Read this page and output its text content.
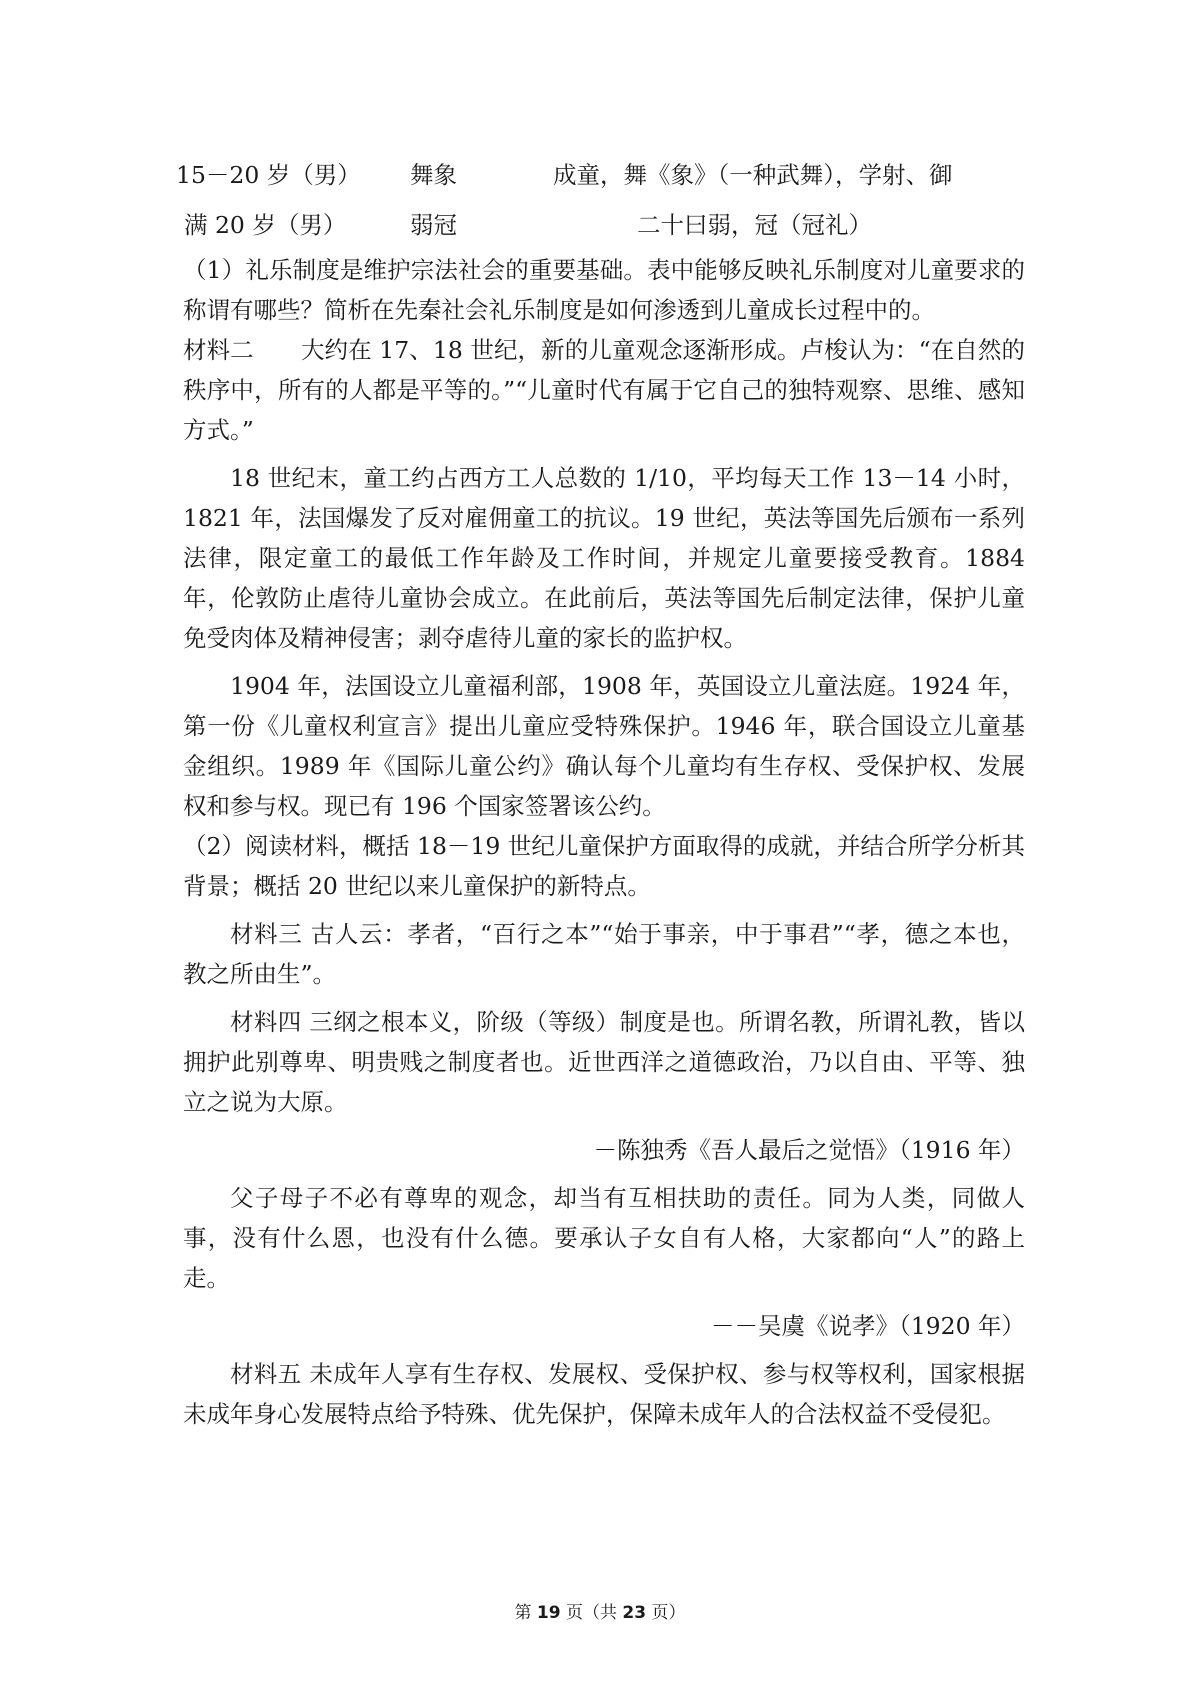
15－20 岁（男） 舞象	成童，舞《象》（一种武舞），学射、御
满 20 岁（男）	弱冠	二十曰弱，冠（冠礼）

（1）礼乐制度是维护宗法社会的重要基础。表中能够反映礼乐制度对儿童要求的称谓有哪些？简析在先秦社会礼乐制度是如何渗透到儿童成长过程中的。

材料二　　大约在 17、18 世纪，新的儿童观念逐渐形成。卢梭认为：“在自然的秩序中，所有的人都是平等的。”“儿童时代有属于它自己的独特观察、思维、感知方式。”

18 世纪末，童工约占西方工人总数的 1/10，平均每天工作 13－14 小时，1821 年，法国爆发了反对雇佣童工的抗议。19 世纪，英法等国先后颁布一系列法律，限定童工的最低工作年龄及工作时间，并规定儿童要接受教育。1884 年，伦敦防止虐待儿童协会成立。在此前后，英法等国先后制定法律，保护儿童免受肉体及精神侵害；剥夺虐待儿童的家长的监护权。

1904 年，法国设立儿童福利部，1908 年，英国设立儿童法庭。1924 年，第一份《儿童权利宣言》提出儿童应受特殊保护。1946 年，联合国设立儿童基金组织。1989 年《国际儿童公约》确认每个儿童均有生存权、受保护权、发展权和参与权。现已有 196 个国家签署该公约。

（2）阅读材料，概括 18－19 世纪儿童保护方面取得的成就，并结合所学分析其背景；概括 20 世纪以来儿童保护的新特点。

材料三 古人云：孝者，“百行之本”“始于事亲，中于事君”“孝，德之本也，教之所由生”。

材料四 三纲之根本义，阶级（等级）制度是也。所谓名教，所谓礼教，皆以拥护此别尊卑、明贵贱之制度者也。近世西洋之道德政治，乃以自由、平等、独立之说为大原。

－陈独秀《吾人最后之觉悟》（1916 年）

父子母子不必有尊卑的观念，却当有互相扶助的责任。同为人类，同做人事，没有什么恩，也没有什么德。要承认子女自有人格，大家都向“人”的路上走。

－－吴虞《说孝》（1920 年）

材料五 未成年人享有生存权、发展权、受保护权、参与权等权利，国家根据未成年身心发展特点给予特殊、优先保护，保障未成年人的合法权益不受侵犯。

第 19 页（共 23 页）
